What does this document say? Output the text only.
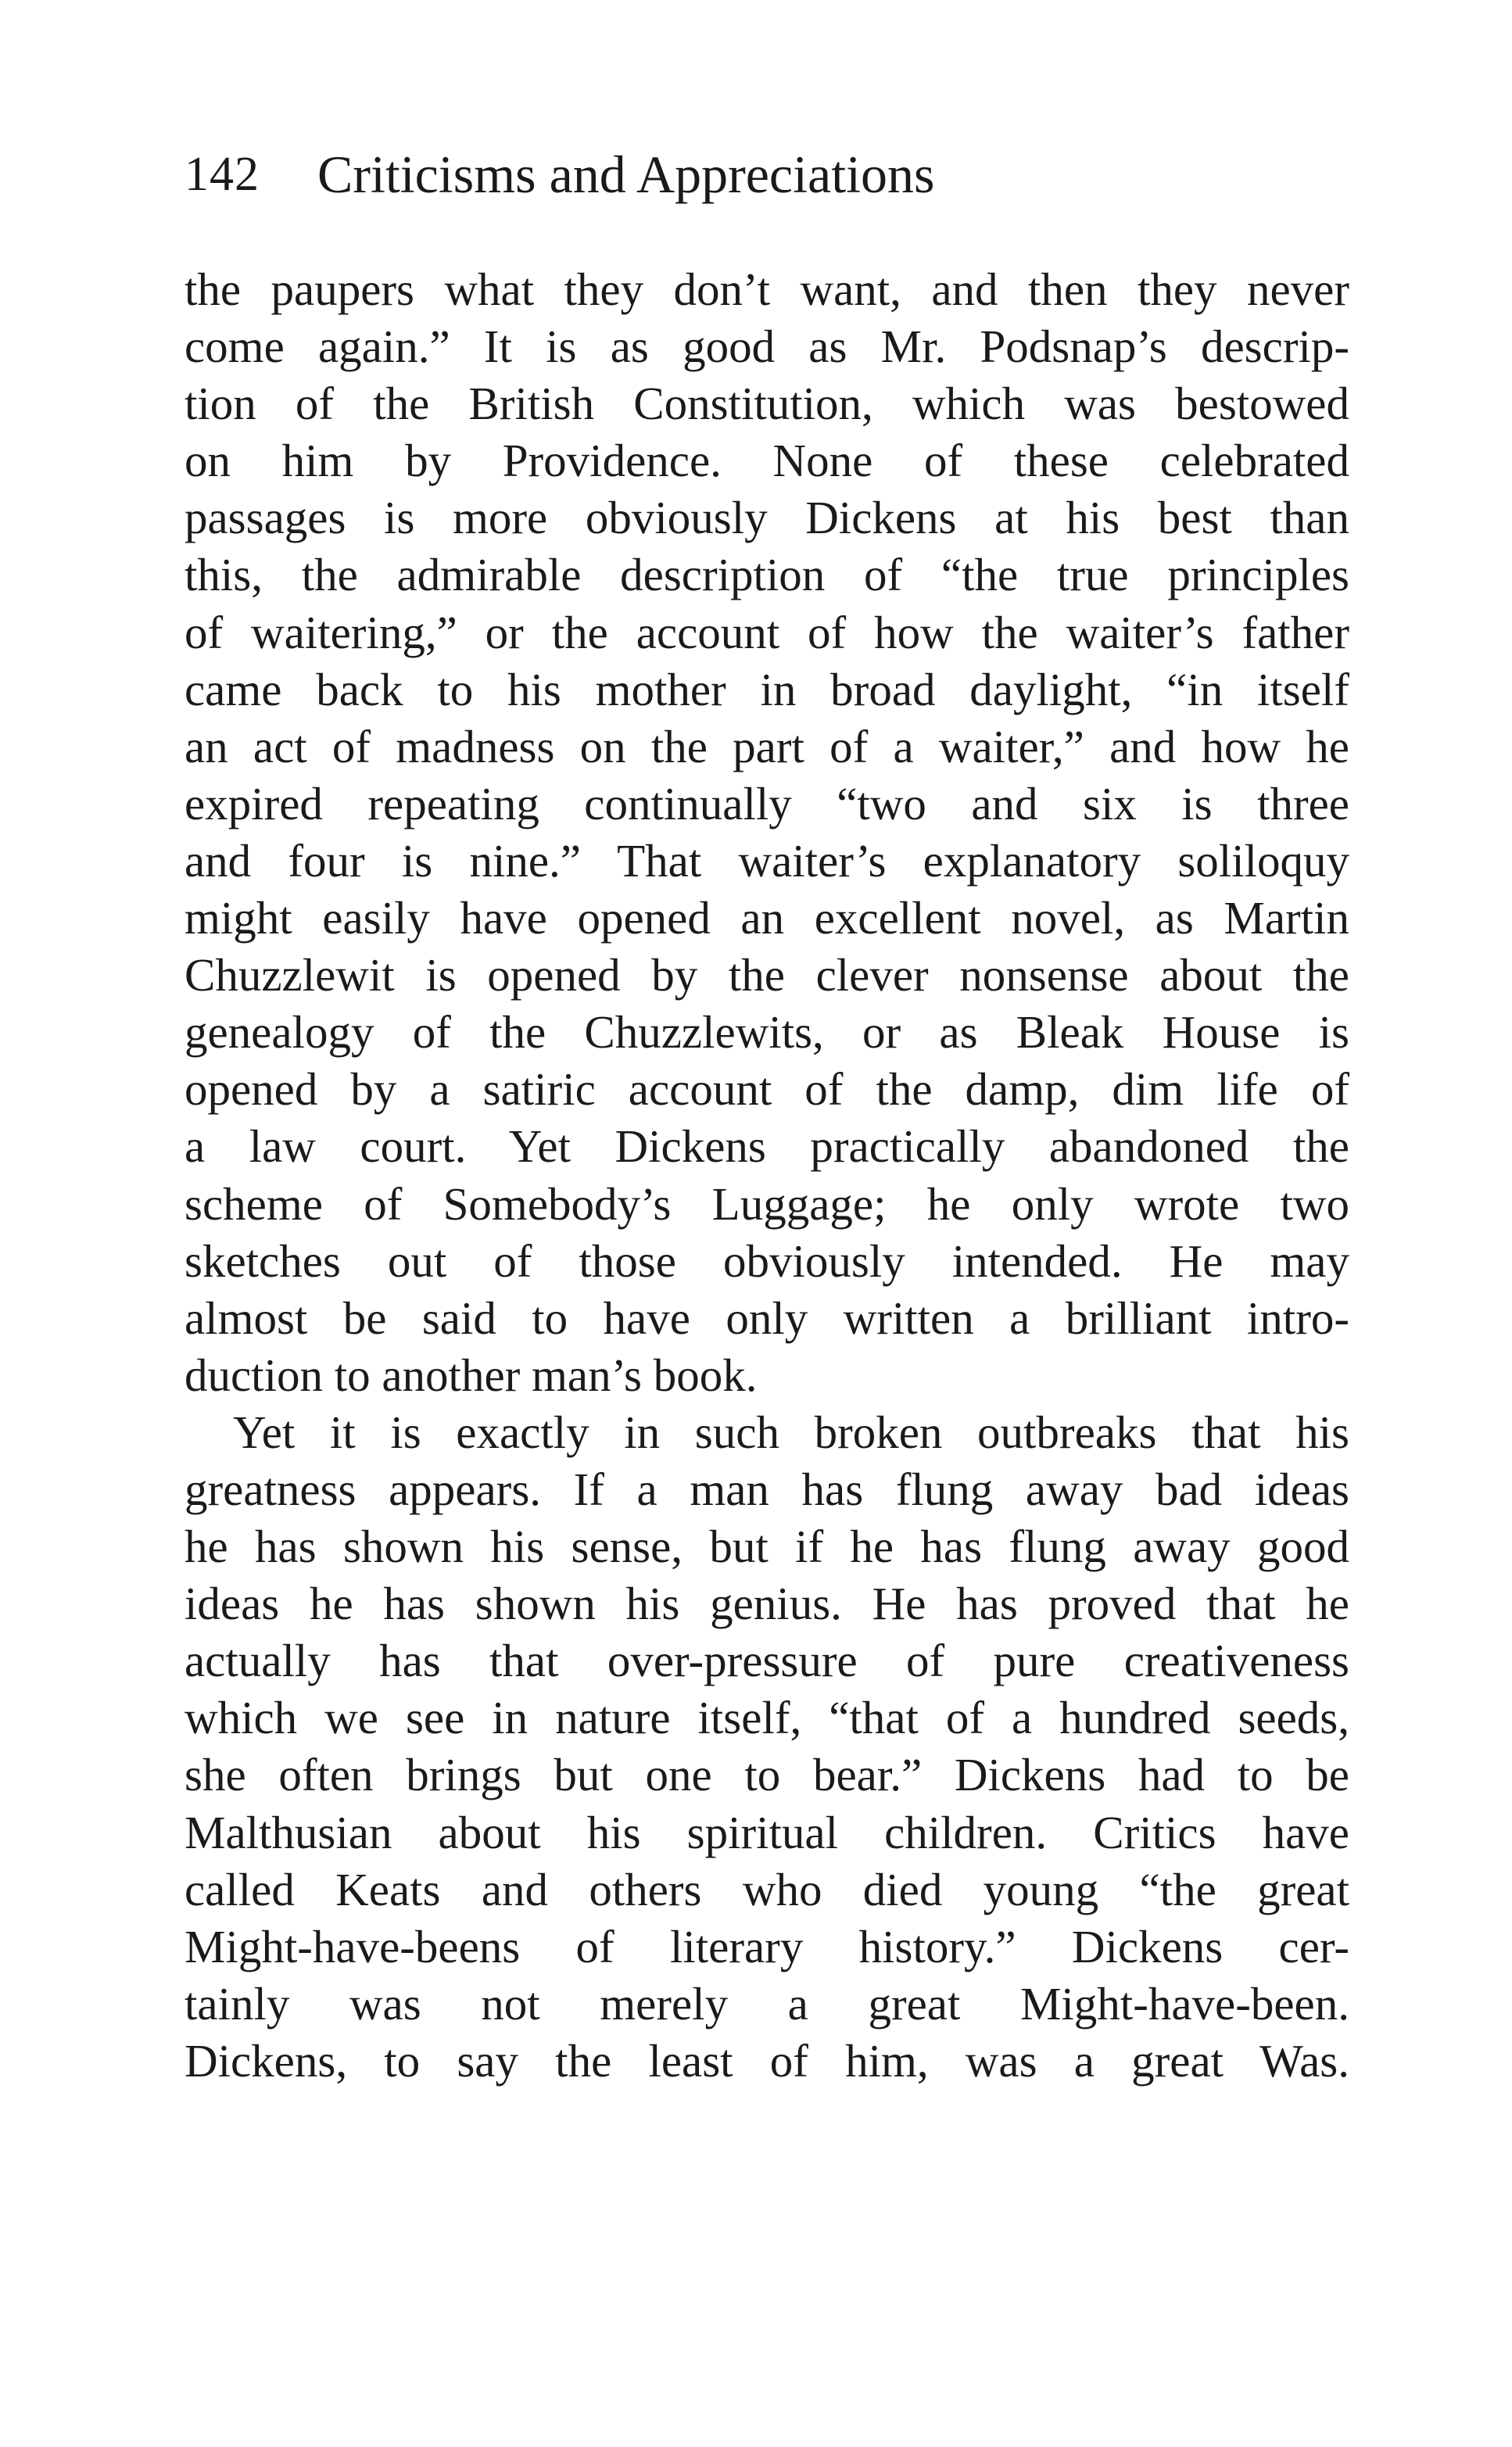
142 Criticisms and Appreciations
the paupers what they don’t want, and then they never
come again.” It is as good as Mr. Podsnap’s descrip-
tion of the British Constitution, which was bestowed
on him by Providence. None of these celebrated
passages is more obviously Dickens at his best than
this, the admirable description of “the true principles
of waitering,” or the account of how the waiter’s father
came back to his mother in broad daylight, “in itself
an act of madness on the part of a waiter,” and how he
expired repeating continually “two and six is three
and four is nine.” That waiter’s explanatory soliloquy
might easily have opened an excellent novel, as Martin
Chuzzlewit is opened by the clever nonsense about the
genealogy of the Chuzzlewits, or as Bleak House is
opened by a satiric account of the damp, dim life of
a law court. Yet Dickens practically abandoned the
scheme of Somebody’s Luggage; he only wrote two
sketches out of those obviously intended. He may
almost be said to have only written a brilliant intro-
duction to another man’s book.
Yet it is exactly in such broken outbreaks that his
greatness appears. If a man has flung away bad ideas
he has shown his sense, but if he has flung away good
ideas he has shown his genius. He has proved that he
actually has that over-pressure of pure creativeness
which we see in nature itself, “that of a hundred seeds,
she often brings but one to bear.” Dickens had to be
Malthusian about his spiritual children. Critics have
called Keats and others who died young “the great
Might-have-beens of literary history.” Dickens cer-
tainly was not merely a great Might-have-been.
Dickens, to say the least of him, was a great Was.
